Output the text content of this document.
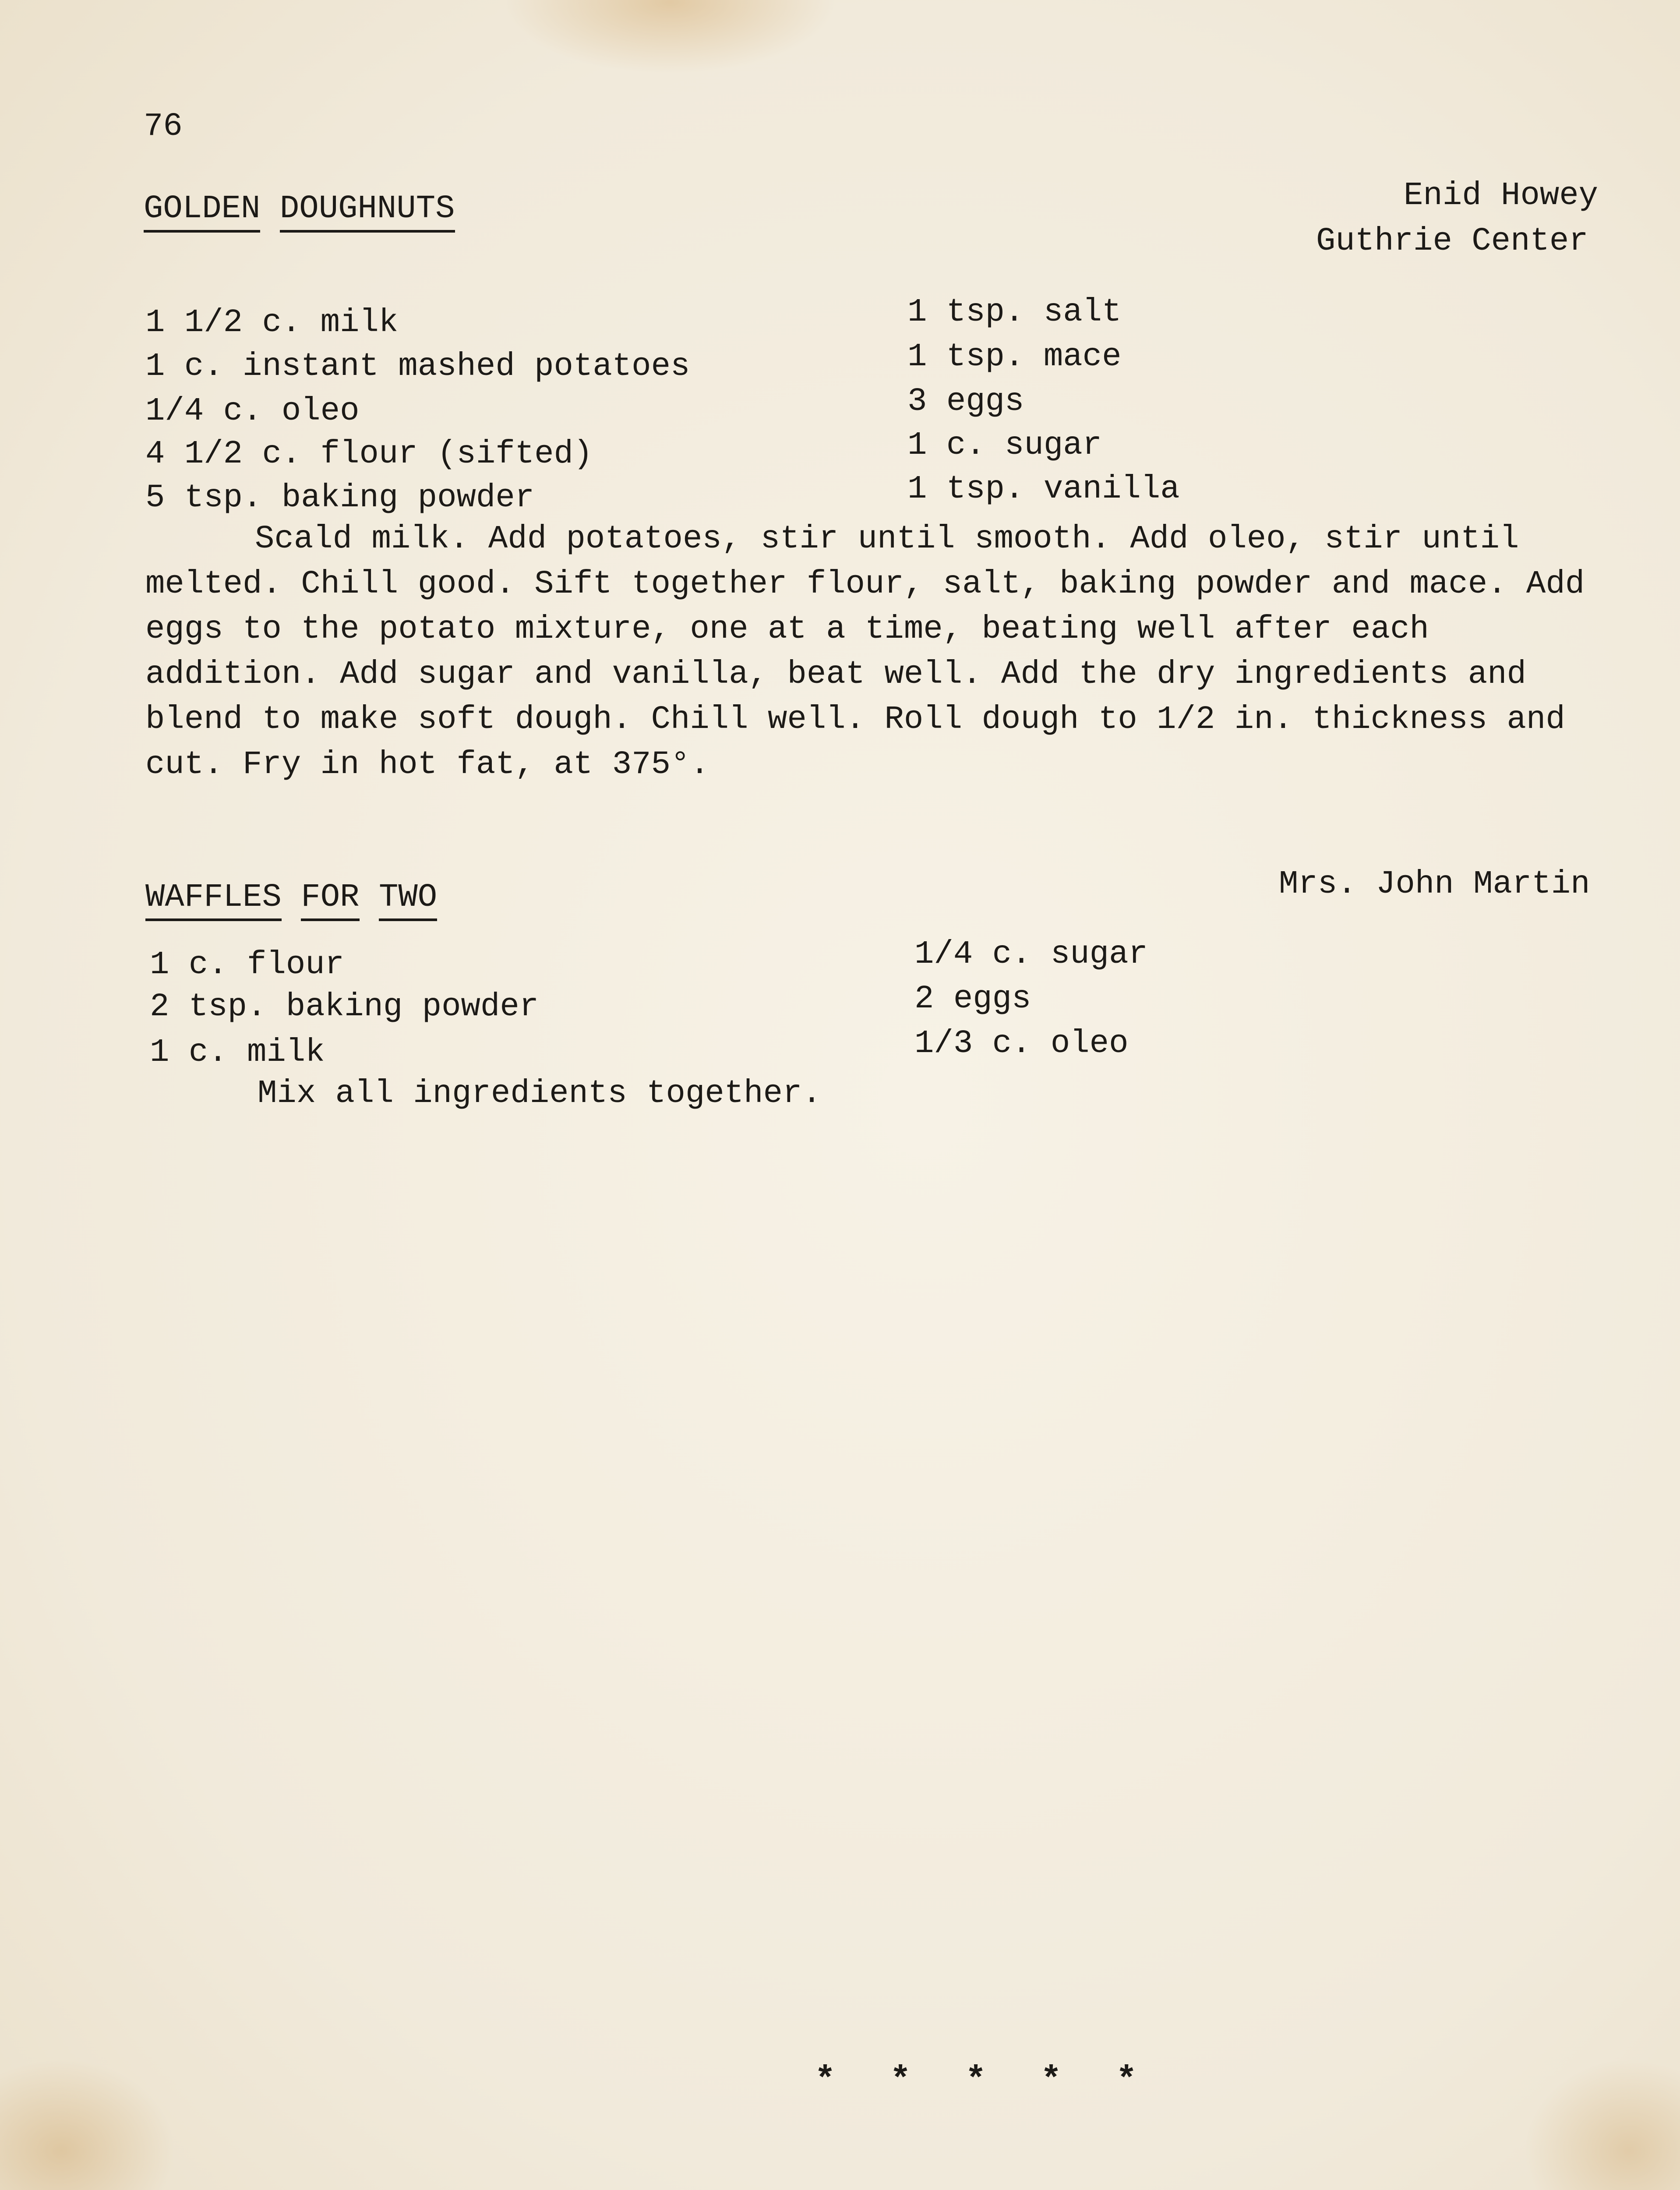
76
GOLDEN DOUGHNUTS	Enid Howey
Guthrie Center
1 1/2 c. milk
1 c. instant mashed potatoes
1/4 c. oleo
4 1/2 c. flour (sifted)
5 tsp. baking powder
1 tsp. salt
1 tsp. mace
3 eggs
1 c. sugar
1 tsp. vanilla
Scald milk. Add potatoes, stir until smooth. Add oleo, stir until melted. Chill good. Sift together flour, salt, baking powder and mace. Add eggs to the potato mixture, one at a time, beating well after each addition. Add sugar and vanilla, beat well. Add the dry ingredients and blend to make soft dough. Chill well. Roll dough to 1/2 in. thickness and cut. Fry in hot fat, at 375°.
WAFFLES FOR TWO	Mrs. John Martin
1 c. flour
2 tsp. baking powder
1 c. milk
1/4 c. sugar
2 eggs
1/3 c. oleo
Mix all ingredients together.
* * * * *
